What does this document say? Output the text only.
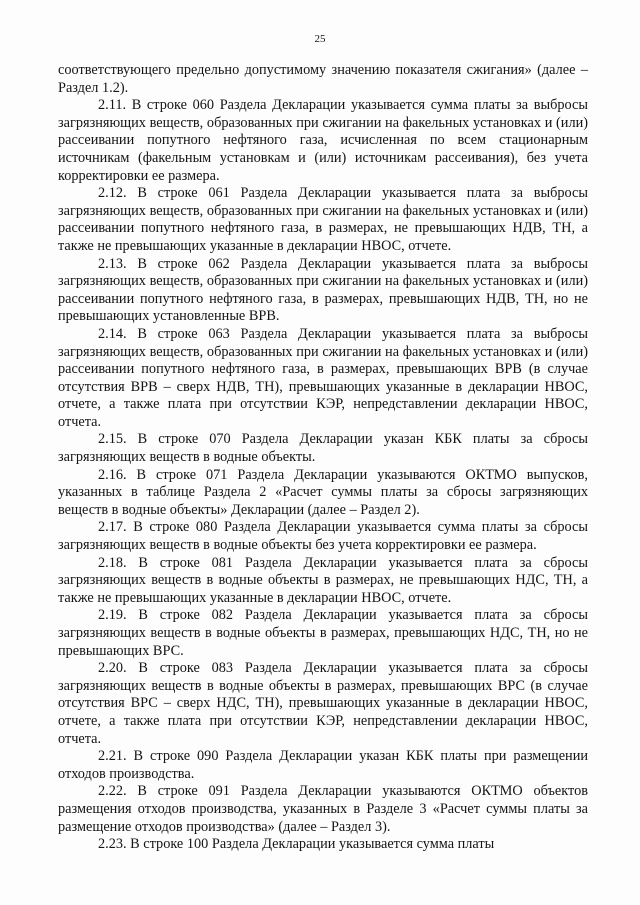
25

соответствующего предельно допустимому значению показателя сжигания» (далее – Раздел 1.2).

2.11. В строке 060 Раздела Декларации указывается сумма платы за выбросы загрязняющих веществ, образованных при сжигании на факельных установках и (или) рассеивании попутного нефтяного газа, исчисленная по всем стационарным источникам (факельным установкам и (или) источникам рассеивания), без учета корректировки ее размера.

2.12. В строке 061 Раздела Декларации указывается плата за выбросы загрязняющих веществ, образованных при сжигании на факельных установках и (или) рассеивании попутного нефтяного газа, в размерах, не превышающих НДВ, ТН, а также не превышающих указанные в декларации НВОС, отчете.

2.13. В строке 062 Раздела Декларации указывается плата за выбросы загрязняющих веществ, образованных при сжигании на факельных установках и (или) рассеивании попутного нефтяного газа, в размерах, превышающих НДВ, ТН, но не превышающих установленные ВРВ.

2.14. В строке 063 Раздела Декларации указывается плата за выбросы загрязняющих веществ, образованных при сжигании на факельных установках и (или) рассеивании попутного нефтяного газа, в размерах, превышающих ВРВ (в случае отсутствия ВРВ – сверх НДВ, ТН), превышающих указанные в декларации НВОС, отчете, а также плата при отсутствии КЭР, непредставлении декларации НВОС, отчета.

2.15. В строке 070 Раздела Декларации указан КБК платы за сбросы загрязняющих веществ в водные объекты.

2.16. В строке 071 Раздела Декларации указываются ОКТМО выпусков, указанных в таблице Раздела 2 «Расчет суммы платы за сбросы загрязняющих веществ в водные объекты» Декларации (далее – Раздел 2).

2.17. В строке 080 Раздела Декларации указывается сумма платы за сбросы загрязняющих веществ в водные объекты без учета корректировки ее размера.

2.18. В строке 081 Раздела Декларации указывается плата за сбросы загрязняющих веществ в водные объекты в размерах, не превышающих НДС, ТН, а также не превышающих указанные в декларации НВОС, отчете.

2.19. В строке 082 Раздела Декларации указывается плата за сбросы загрязняющих веществ в водные объекты в размерах, превышающих НДС, ТН, но не превышающих ВРС.

2.20. В строке 083 Раздела Декларации указывается плата за сбросы загрязняющих веществ в водные объекты в размерах, превышающих ВРС (в случае отсутствия ВРС – сверх НДС, ТН), превышающих указанные в декларации НВОС, отчете, а также плата при отсутствии КЭР, непредставлении декларации НВОС, отчета.

2.21. В строке 090 Раздела Декларации указан КБК платы при размещении отходов производства.

2.22. В строке 091 Раздела Декларации указываются ОКТМО объектов размещения отходов производства, указанных в Разделе 3 «Расчет суммы платы за размещение отходов производства» (далее – Раздел 3).

2.23. В строке 100 Раздела Декларации указывается сумма платы
